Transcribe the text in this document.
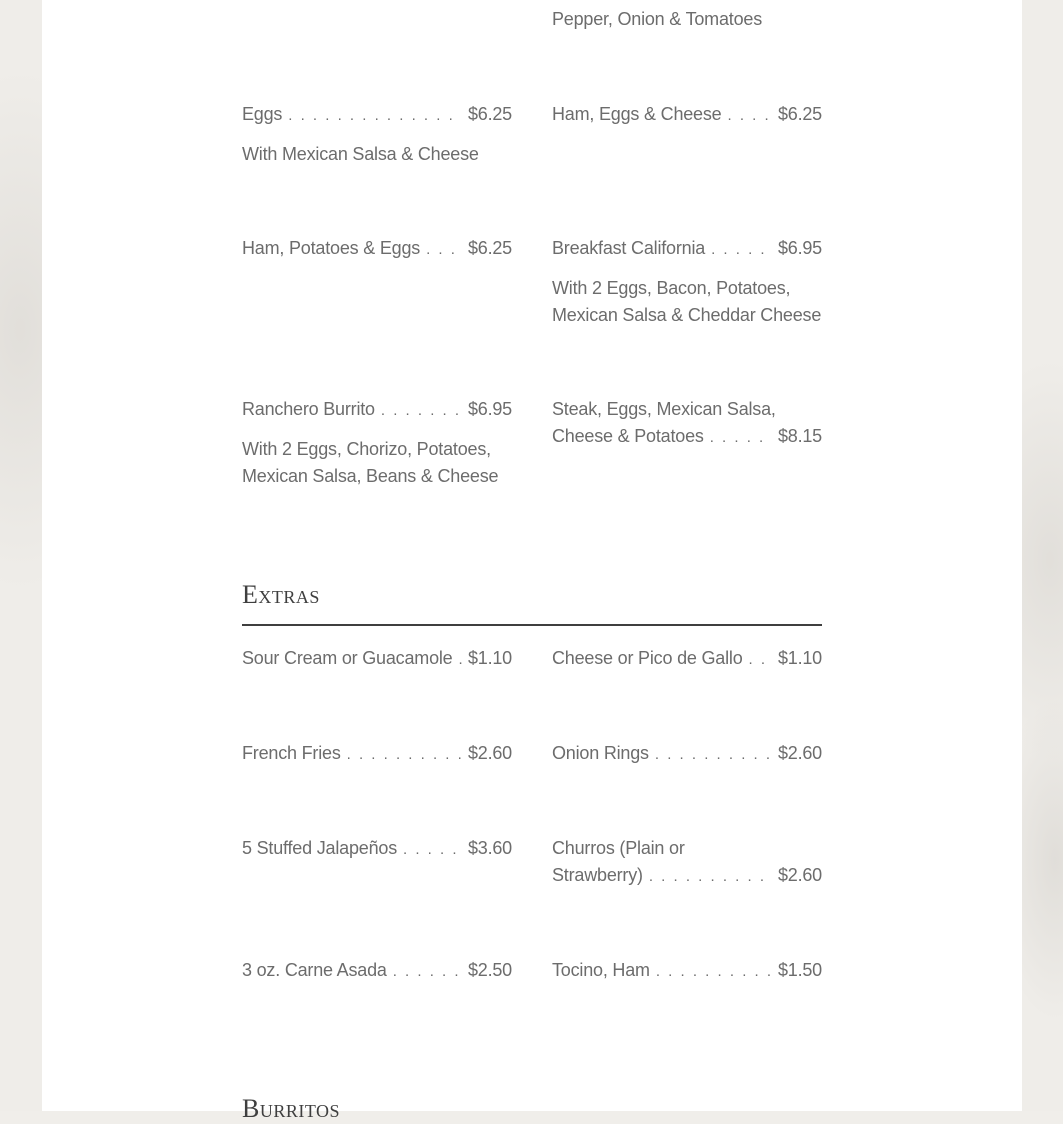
Pepper, Onion & Tomatoes
Eggs . . .	$6.25
With Mexican Salsa & Cheese
Ham, Eggs & Cheese . . .	$6.25
Ham, Potatoes & Eggs . . .	$6.25 Breakfast California . . .	$6.95
With 2 Eggs, Bacon, Potatoes, Mexican Salsa & Cheddar Cheese
Ranchero Burrito . . .	$6.95
With 2 Eggs, Chorizo, Potatoes, Mexican Salsa, Beans & Cheese
Steak, Eggs, Mexican Salsa,
Cheese & Potatoes . . .	$8.15
Extras
Sour Cream or Guacamole . . . $1.10 Cheese or Pico de Gallo . . . $1.10
French Fries . . .	$2.60 Onion Rings . . .	$2.60
5 Stuffed Jalapeños . . .	$3.60 Churros (Plain or
Strawberry) . . .	$2.60
3 oz. Carne Asada . . .	$2.50 Tocino, Ham . . .	$1.50
Burritos
